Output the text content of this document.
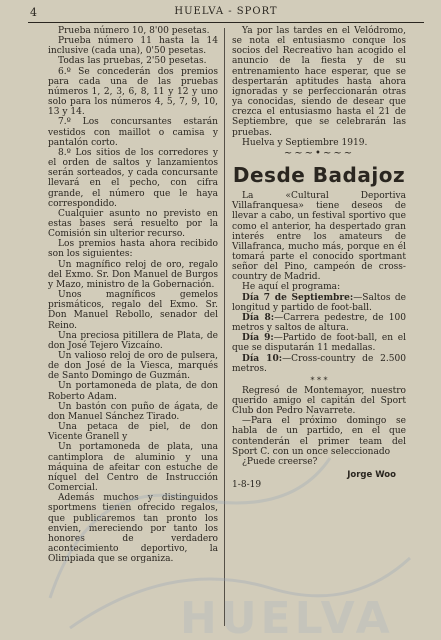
4	HUELVA - SPORT

Prueba número 10, 8'00 pesetas.

Prueba número 11 hasta la 14 inclusive (cada una), 0'50 pesetas.

Todas las pruebas, 2'50 pesetas.

6.º Se concederán dos premios para cada una de las pruebas números 1, 2, 3, 6, 8, 11 y 12 y uno solo para los números 4, 5, 7, 9, 10, 13 y 14.

7.º Los concursantes estarán vestidos con maillot o camisa y pantalón corto.

8.º Los sitios de los corredores y el orden de saltos y lanzamientos serán sorteados, y cada concursante llevará en el pecho, con cifra grande, el número que le haya correspondido.

Cualquier asunto no previsto en estas bases será resuelto por la Comisión sin ulterior recurso.

Los premios hasta ahora recibido son los siguientes:

Un magnífico reloj de oro, regalo del Exmo. Sr. Don Manuel de Burgos y Mazo, ministro de la Gobernación.

Unos magníficos gemelos prismáticos, regalo del Exmo. Sr. Don Manuel Rebollo, senador del Reino.

Una preciosa pitillera de Plata, de don José Tejero Vizcaíno.

Un valioso reloj de oro de pulsera, de don José de la Viesca, marqués de Santo Domingo de Guzmán.

Un portamoneda de plata, de don Roberto Adam.

Un bastón con puño de ágata, de don Manuel Sánchez Tirado.

Una petaca de piel, de don Vicente Granell y

Un portamoneda de plata, una cantimplora de aluminio y una máquina de afeitar con estuche de níquel del Centro de Instrucción Comercial.

Además muchos y distinguidos sportmens tienen ofrecido regalos, que publicaremos tan pronto los envien, mereciendo por tanto los honores de verdadero acontecimiento deportivo, la Olimpiada que se organiza.

Ya por las tardes en el Velódromo, se nota el entusiasmo conque los socios del Recreativo han acogido el anuncio de la fiesta y de su entrenamiento hace esperar, que se despertarán aptitudes hasta ahora ignoradas y se perfeccionarán otras ya conocidas, siendo de desear que crezca el entusiasmo hasta el 21 de Septiembre, que se celebrarán las pruebas.

Huelva y Septiembre 1919.

~~~•~~~
Desde Badajoz

La «Cultural Deportiva Villafranquesa» tiene deseos de llevar a cabo, un festival sportivo que como el anterior, ha despertado gran interés entre los amateurs de Villafranca, mucho más, porque en él tomará parte el conocido sportmant señor del Pino, campeón de cross-country de Madrid.

He aquí el programa:

Día 7 de Septiembre:—Saltos de longitud y partido de foot-ball.

Día 8:—Carrera pedestre, de 100 metros y saltos de altura.

Día 9:—Partido de foot-ball, en el que se disputarán 11 medallas.

Día 10:—Cross-country de 2.500 metros.

* * *

Regresó de Montemayor, nuestro querido amigo el capitán del Sport Club don Pedro Navarrete.

—Para el próximo domingo se habla de un partido, en el que contenderán el primer team del Sport C. con un once seleccionado

¿Puede creerse?

Jorge Woo

1-8-19

HUELVA
